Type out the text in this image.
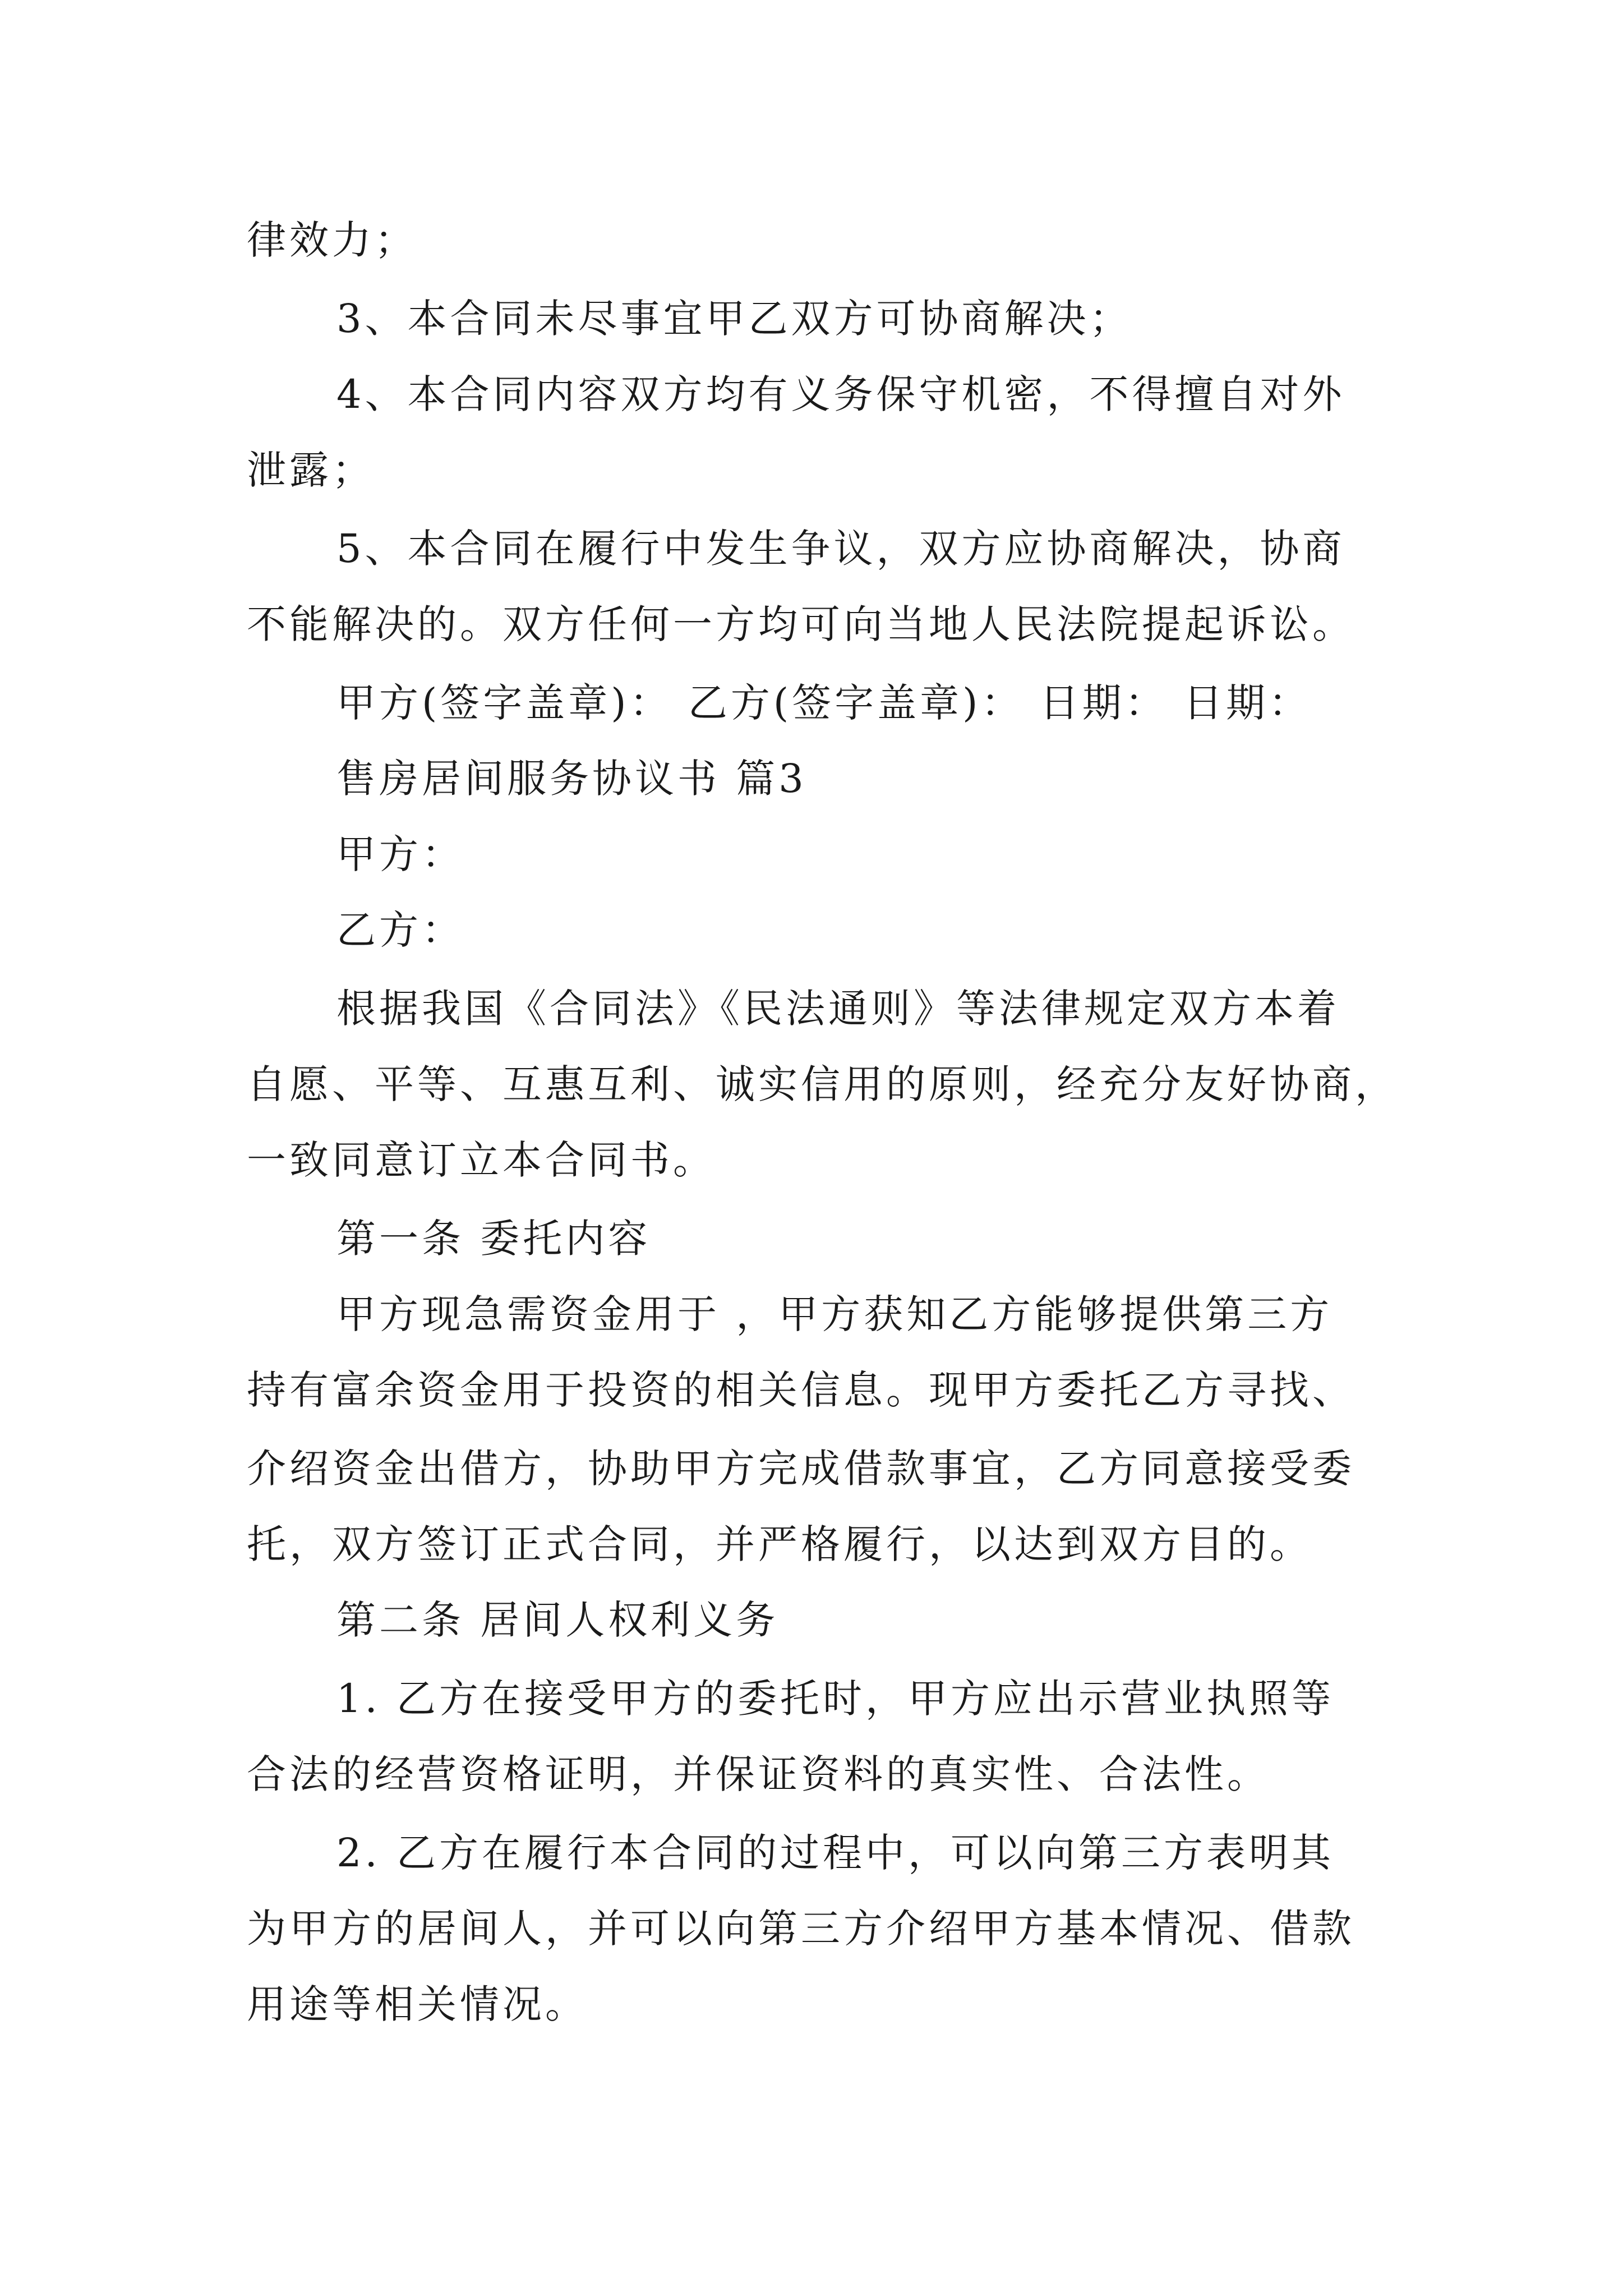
律效力；
3、本合同未尽事宜甲乙双方可协商解决；
4、本合同内容双方均有义务保守机密，不得擅自对外
泄露；
5、本合同在履行中发生争议，双方应协商解决，协商
不能解决的。双方任何一方均可向当地人民法院提起诉讼。
甲方(签字盖章)： 乙方(签字盖章)： 日期： 日期：
售房居间服务协议书 篇3
甲方：
乙方：
根据我国《合同法》《民法通则》等法律规定双方本着
自愿、平等、互惠互利、诚实信用的原则，经充分友好协商，
一致同意订立本合同书。
第一条 委托内容
甲方现急需资金用于 ，甲方获知乙方能够提供第三方
持有富余资金用于投资的相关信息。现甲方委托乙方寻找、
介绍资金出借方，协助甲方完成借款事宜，乙方同意接受委
托，双方签订正式合同，并严格履行，以达到双方目的。
第二条 居间人权利义务
1. 乙方在接受甲方的委托时，甲方应出示营业执照等
合法的经营资格证明，并保证资料的真实性、合法性。
2. 乙方在履行本合同的过程中，可以向第三方表明其
为甲方的居间人，并可以向第三方介绍甲方基本情况、借款
用途等相关情况。
